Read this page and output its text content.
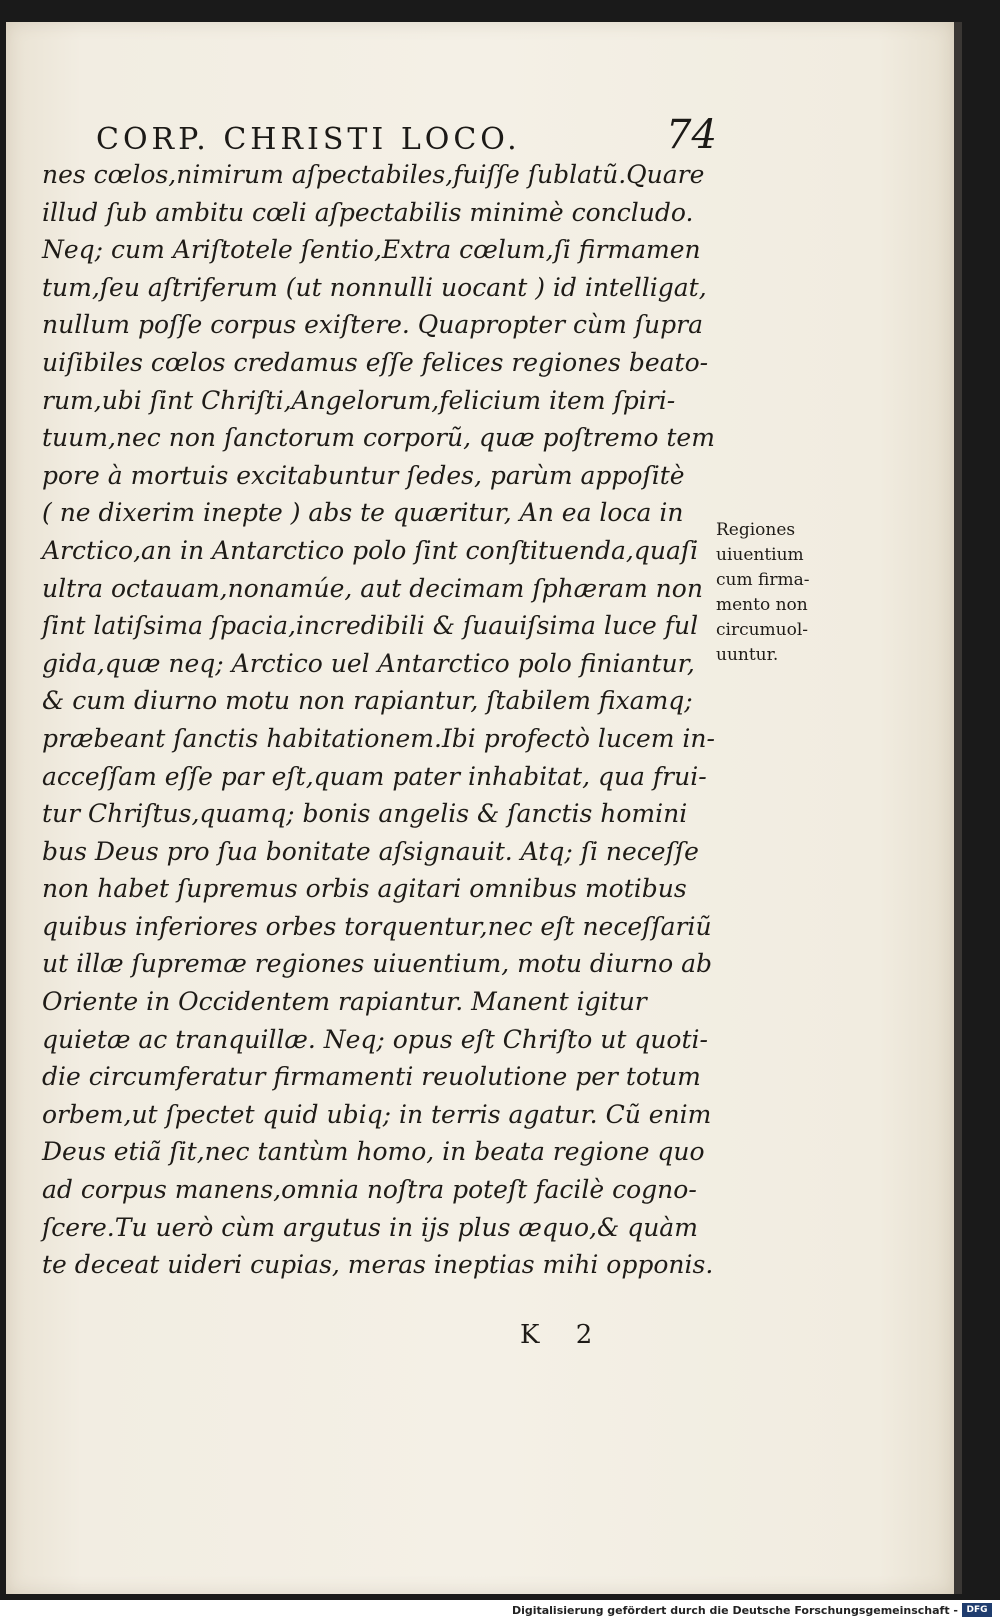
CORP. CHRISTI LOCO.	74
nes cœlos,nimirum aſpectabiles,fuiſſe ſublatũ.Quare
illud ſub ambitu cœli aſpectabilis minimè concludo.
Neq; cum Ariſtotele ſentio,Extra cœlum,ſi firmamen
tum,ſeu aſtriferum (ut nonnulli uocant ) id intelligat,
nullum poſſe corpus exiſtere. Quapropter cùm ſupra
uiſibiles cœlos credamus eſſe felices regiones beato-
rum,ubi ſint Chriſti,Angelorum,felicium item ſpiri-
tuum,nec non ſanctorum corporũ, quæ poſtremo tem
pore à mortuis excitabuntur ſedes, parùm appoſitè
( ne dixerim inepte ) abs te quæritur, An ea loca in
Arctico,an in Antarctico polo ſint conſtituenda,quaſi
ultra octauam,nonamúe, aut decimam ſphæram non
ſint latiſsima ſpacia,incredibili & ſuauiſsima luce ful
gida,quæ neq; Arctico uel Antarctico polo finiantur,
& cum diurno motu non rapiantur, ſtabilem fixamq;
præbeant ſanctis habitationem.Ibi profectò lucem in-
acceſſam eſſe par eſt,quam pater inhabitat, qua frui-
tur Chriſtus,quamq; bonis angelis & ſanctis homini
bus Deus pro ſua bonitate aſsignauit. Atq; ſi neceſſe
non habet ſupremus orbis agitari omnibus motibus
quibus inferiores orbes torquentur,nec eſt neceſſariũ
ut illæ ſupremæ regiones uiuentium, motu diurno ab
Oriente in Occidentem rapiantur. Manent igitur
quietæ ac tranquillæ. Neq; opus eſt Chriſto ut quoti-
die circumferatur firmamenti reuolutione per totum
orbem,ut ſpectet quid ubiq; in terris agatur. Cũ enim
Deus etiã ſit,nec tantùm homo, in beata regione quo
ad corpus manens,omnia noſtra poteſt facilè cogno-
ſcere.Tu uerò cùm argutus in ijs plus æquo,& quàm
te deceat uideri cupias, meras ineptias mihi opponis.
Regiones
uiuentium
cum firma-
mento non
circumuol-
uuntur.
K 2
Digitalisierung gefördert durch die Deutsche Forschungsgemeinschaft - DFG
